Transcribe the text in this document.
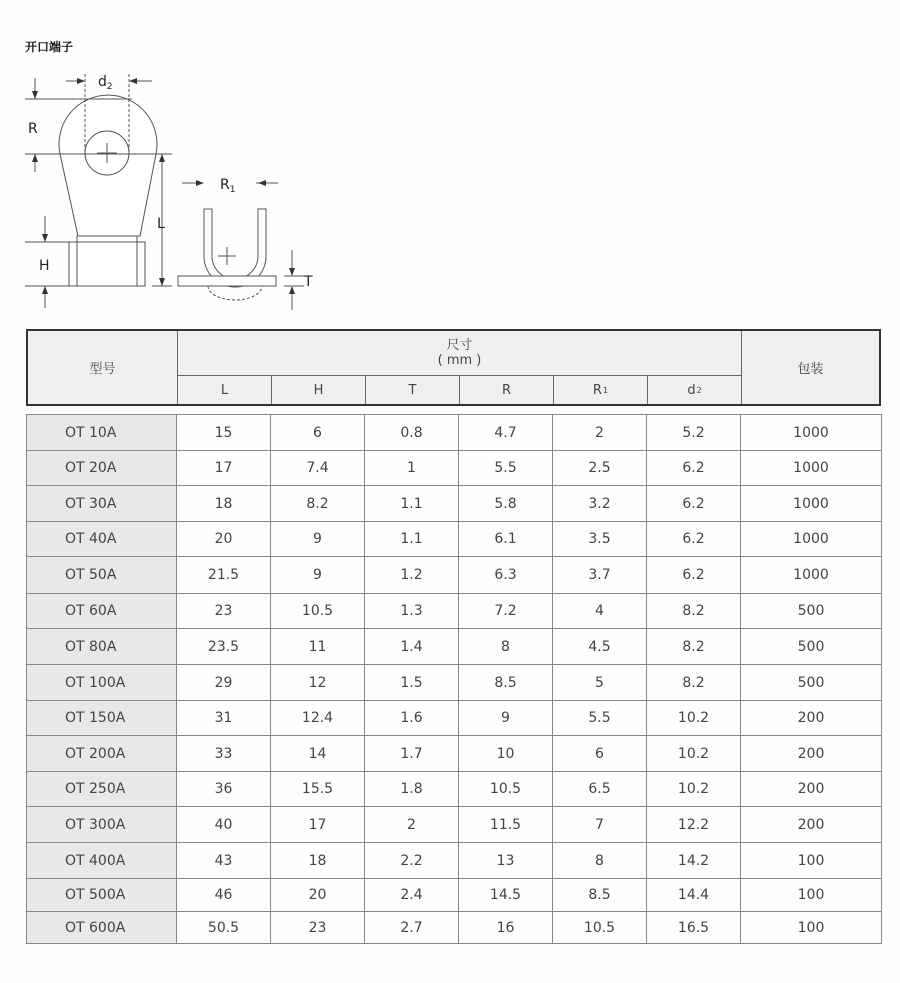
开口端子
$d_2$
R
L
H
$R_1$
T
型号
尺寸
( mm )
L	H	T	R	R 1	d 2
包装
OT 10A	15	6	0.8	4.7	2	5.2	1000
OT 20A	17	7.4	1	5.5	2.5	6.2	1000
OT 30A	18	8.2	1.1	5.8	3.2	6.2	1000
OT 40A	20	9	1.1	6.1	3.5	6.2	1000
OT 50A	21.5	9	1.2	6.3	3.7	6.2	1000
OT 60A	23	10.5	1.3	7.2	4	8.2	500
OT 80A	23.5	11	1.4	8	4.5	8.2	500
OT 100A	29	12	1.5	8.5	5	8.2	500
OT 150A	31	12.4	1.6	9	5.5	10.2	200
OT 200A	33	14	1.7	10	6	10.2	200
OT 250A	36	15.5	1.8	10.5	6.5	10.2	200
OT 300A	40	17	2	11.5	7	12.2	200
OT 400A	43	18	2.2	13	8	14.2	100
OT 500A	46	20	2.4	14.5	8.5	14.4	100
OT 600A	50.5	23	2.7	16	10.5	16.5	100
